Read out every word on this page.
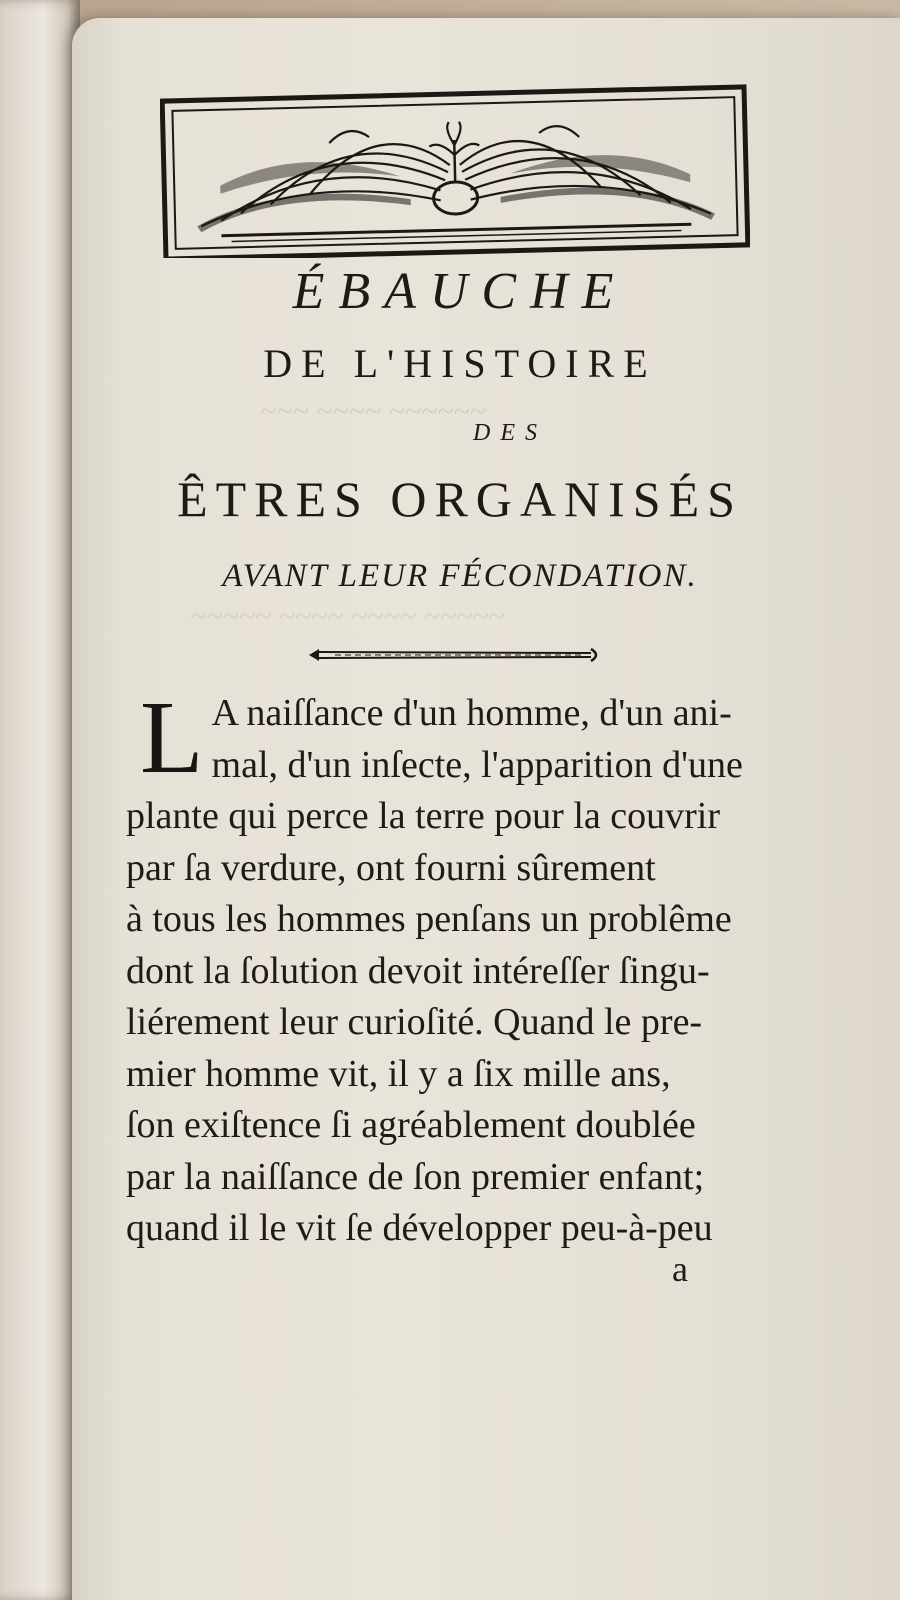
ÉBAUCHE
DE L'HISTOIRE
DES
ÊTRES ORGANISÉS
AVANT LEUR FÉCONDATION.
L A naiſſance d'un homme, d'un ani-
mal, d'un inſecte, l'apparition d'une
plante qui perce la terre pour la couvrir
par ſa verdure, ont fourni sûrement
à tous les hommes penſans un problême
dont la ſolution devoit intéreſſer ſingu-
liérement leur curioſité. Quand le pre-
mier homme vit, il y a ſix mille ans,
ſon exiſtence ſi agréablement doublée
par la naiſſance de ſon premier enfant;
quand il le vit ſe développer peu-à-peu
a
